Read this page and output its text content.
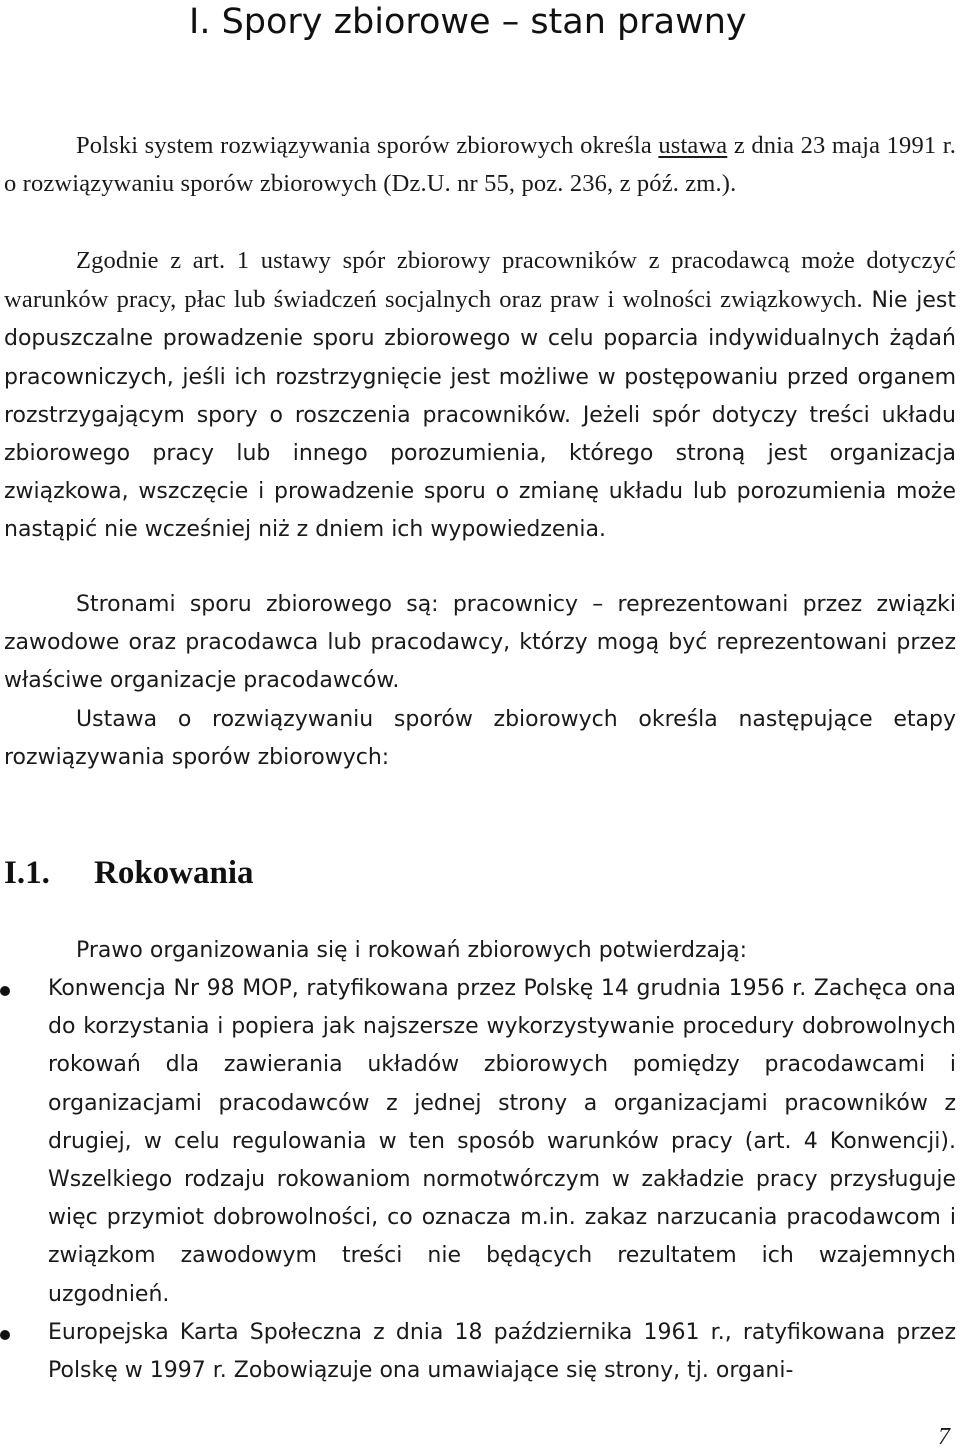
I. Spory zbiorowe – stan prawny

Polski system rozwiązywania sporów zbiorowych określa ustawa z dnia 23 maja 1991 r. o rozwiązywaniu sporów zbiorowych (Dz.U. nr 55, poz. 236, z póź. zm.).

Zgodnie z art. 1 ustawy spór zbiorowy pracowników z pracodawcą może dotyczyć warunków pracy, płac lub świadczeń socjalnych oraz praw i wolności związkowych. Nie jest dopuszczalne prowadzenie sporu zbiorowego w celu poparcia indywidualnych żądań pracowniczych, jeśli ich rozstrzygnięcie jest możliwe w postępowaniu przed organem rozstrzygającym spory o roszczenia pracowników. Jeżeli spór dotyczy treści układu zbiorowego pracy lub innego porozumienia, którego stroną jest organizacja związkowa, wszczęcie i prowadzenie sporu o zmianę układu lub porozumienia może nastąpić nie wcześniej niż z dniem ich wypowiedzenia.

Stronami sporu zbiorowego są: pracownicy – reprezentowani przez związki zawodowe oraz pracodawca lub pracodawcy, którzy mogą być reprezentowani przez właściwe organizacje pracodawców.

Ustawa o rozwiązywaniu sporów zbiorowych określa następujące etapy rozwiązywania sporów zbiorowych:

I.1. Rokowania

Prawo organizowania się i rokowań zbiorowych potwierdzają:

Konwencja Nr 98 MOP, ratyfikowana przez Polskę 14 grudnia 1956 r. Zachęca ona do korzystania i popiera jak najszersze wykorzystywanie procedury dobrowolnych rokowań dla zawierania układów zbiorowych pomiędzy pracodawcami i organizacjami pracodawców z jednej strony a organizacjami pracowników z drugiej, w celu regulowania w ten sposób warunków pracy (art. 4 Konwencji). Wszelkiego rodzaju rokowaniom normotwórczym w zakładzie pracy przysługuje więc przymiot dobrowolności, co oznacza m.in. zakaz narzucania pracodawcom i związkom zawodowym treści nie będących rezultatem ich wzajemnych uzgodnień.
Europejska Karta Społeczna z dnia 18 października 1961 r., ratyfikowana przez Polskę w 1997 r. Zobowiązuje ona umawiające się strony, tj. organi-

7
